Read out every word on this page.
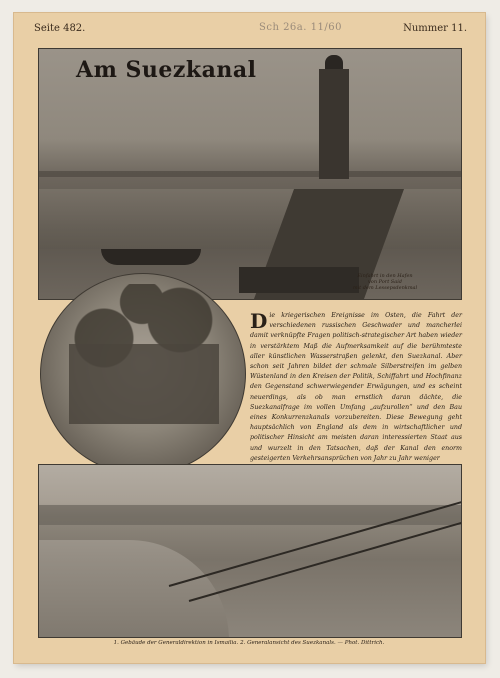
Seite 482.	Sch 26a. 11/60	Nummer 11.
Am Suezkanal
Einfahrt in den Hafen
von Port Said
mit dem Lessepsdenkmal
Die kriegerischen Ereignisse im Osten, die Fahrt der verschiedenen russischen Geschwader und mancherlei damit verknüpfte Fragen politisch-strategischer Art haben wieder in verstärktem Maß die Aufmerksamkeit auf die berühmteste aller künstlichen Wasserstraßen gelenkt, den Suezkanal. Aber schon seit Jahren bildet der schmale Silberstreifen im gelben Wüstenland in den Kreisen der Politik, Schiffahrt und Hochfinanz den Gegenstand schwerwiegender Erwägungen, und es scheint neuerdings, als ob man ernstlich daran dächte, die Suezkanalfrage im vollen Umfang „aufzurollen“ und den Bau eines Konkurrenzkanals vorzubereiten. Diese Bewegung geht hauptsächlich von England als dem in wirtschaftlicher und politischer Hinsicht am meisten daran interessierten Staat aus und wurzelt in den Tatsachen, daß der Kanal den enorm gesteigerten Verkehrsansprüchen von Jahr zu Jahr weniger
1. Gebäude der Generaldirektion in Ismailia. 2. Generalansicht des Suezkanals. — Phot. Dittrich.
